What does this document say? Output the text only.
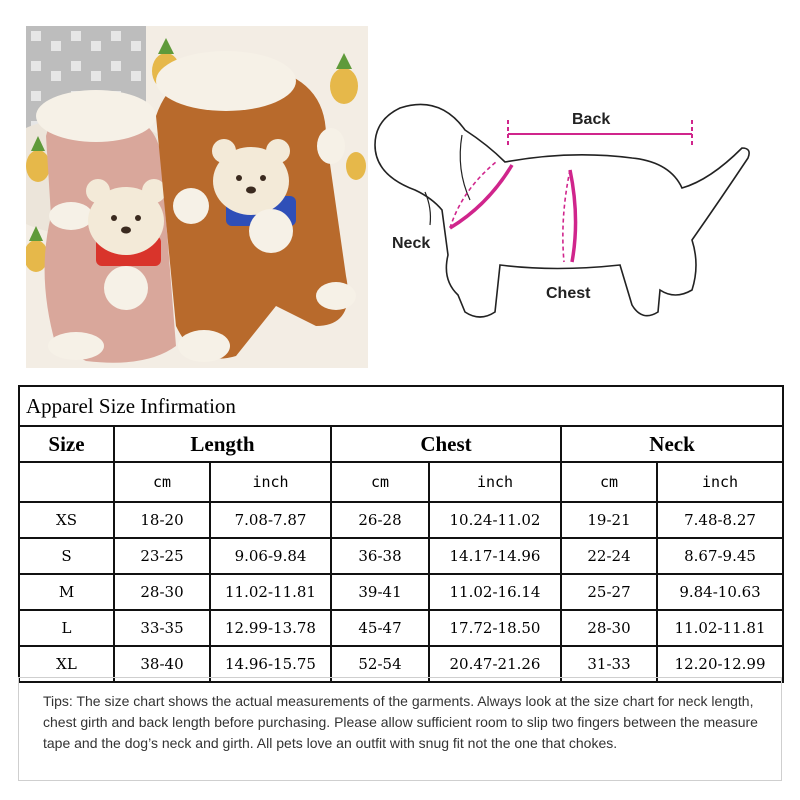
Back
Neck
Chest
Apparel Size Infirmation						
Size	Length		Chest		Neck	
	cm	inch	cm	inch	cm	inch
XS	18-20	7.08-7.87	26-28	10.24-11.02	19-21	7.48-8.27
S	23-25	9.06-9.84	36-38	14.17-14.96	22-24	8.67-9.45
M	28-30	11.02-11.81	39-41	11.02-16.14	25-27	9.84-10.63
L	33-35	12.99-13.78	45-47	17.72-18.50	28-30	11.02-11.81
XL	38-40	14.96-15.75	52-54	20.47-21.26	31-33	12.20-12.99
Tips: The size chart shows the actual measurements of the garments. Always look at the size chart for neck length, chest girth and back length before purchasing. Please allow sufficient room to slip two fingers between the measure tape and the dog’s neck and girth. All pets love an outfit with snug fit not the one that chokes.
